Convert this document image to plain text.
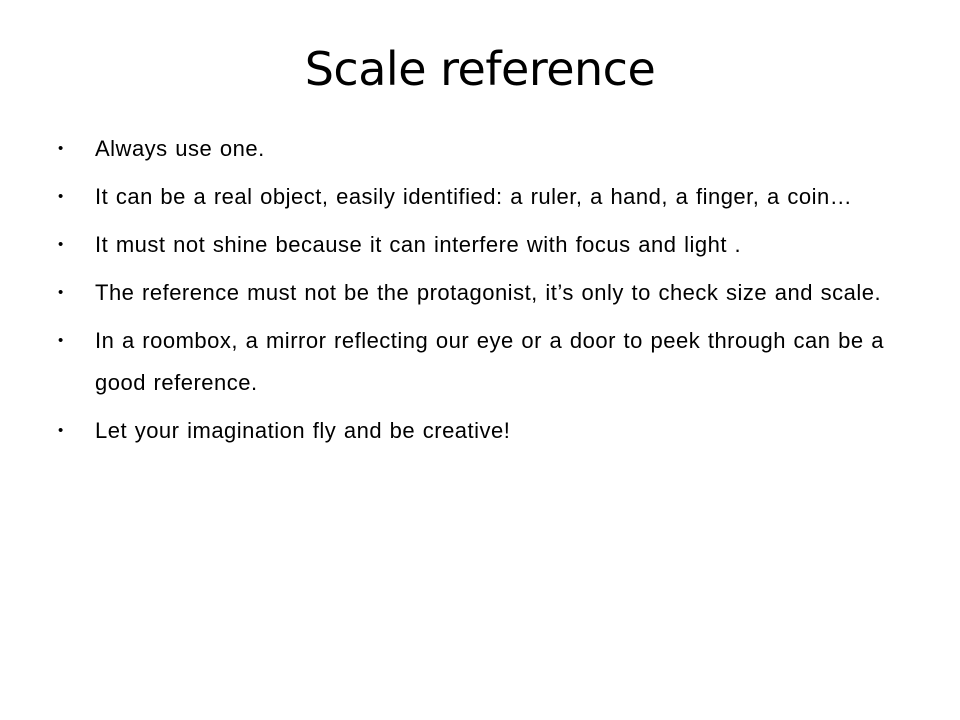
Scale reference
• Always use one.
• It can be a real object, easily identified: a ruler, a hand, a finger, a coin…
• It must not shine because it can interfere with focus and light .
• The reference must not be the protagonist, it’s only to check size and scale.
• In a roombox, a mirror reflecting our eye or a door to peek through can be a good reference.
• Let your imagination fly and be creative!
